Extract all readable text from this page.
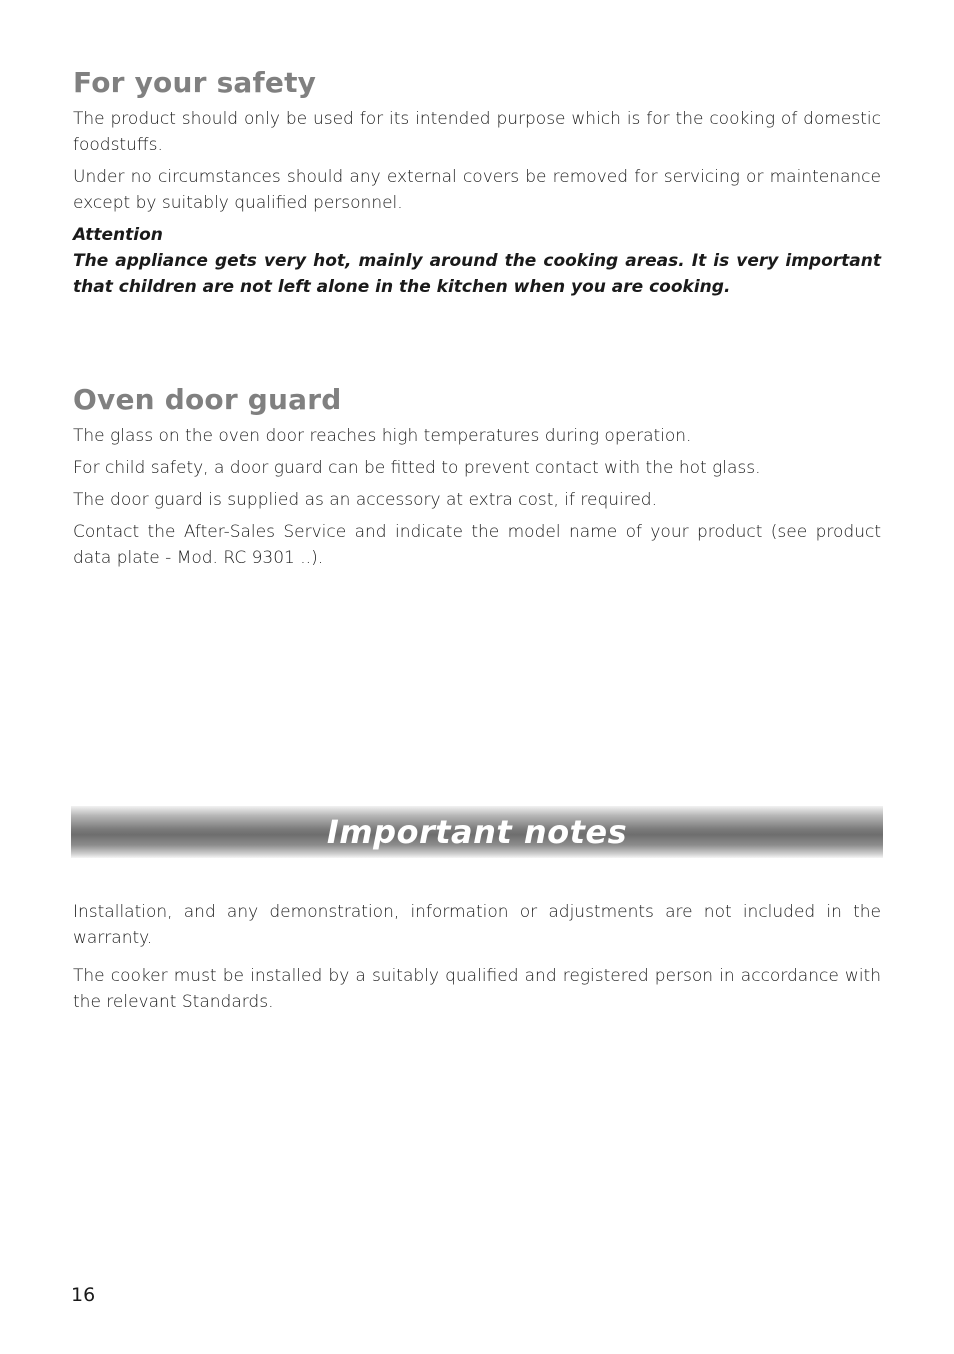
For your safety

The product should only be used for its intended purpose which is for the cooking of domestic foodstuffs.

Under no circumstances should any external covers be removed for servicing or maintenance except by suitably qualified personnel.

Attention
The appliance gets very hot, mainly around the cooking areas. It is very important that children are not left alone in the kitchen when you are cooking.
Oven door guard

The glass on the oven door reaches high temperatures during operation.

For child safety, a door guard can be fitted to prevent contact with the hot glass.

The door guard is supplied as an accessory at extra cost, if required.

Contact the After-Sales Service and indicate the model name of your product (see product data plate - Mod. RC 9301 ..).

Important notes

Installation, and any demonstration, information or adjustments are not included in the warranty.

The cooker must be installed by a suitably qualified and registered person in accordance with the relevant Standards.

16
